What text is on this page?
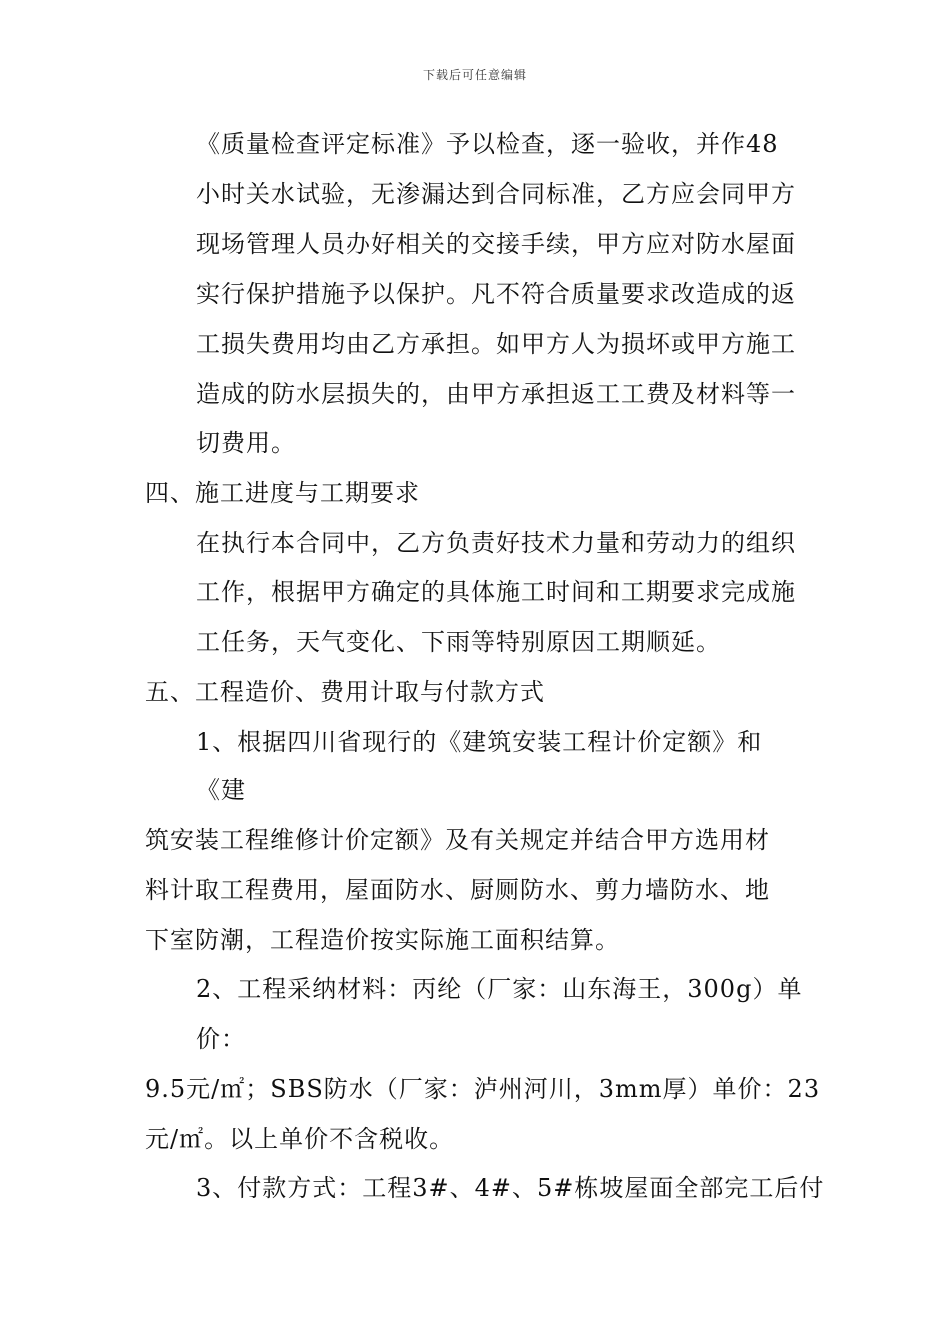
下载后可任意编辑
《质量检查评定标准》予以检查，逐一验收，并作48
小时关水试验，无渗漏达到合同标准，乙方应会同甲方
现场管理人员办好相关的交接手续，甲方应对防水屋面
实行保护措施予以保护。凡不符合质量要求改造成的返
工损失费用均由乙方承担。如甲方人为损坏或甲方施工
造成的防水层损失的，由甲方承担返工工费及材料等一
切费用。
四、施工进度与工期要求
在执行本合同中，乙方负责好技术力量和劳动力的组织
工作，根据甲方确定的具体施工时间和工期要求完成施
工任务，天气变化、下雨等特别原因工期顺延。
五、工程造价、费用计取与付款方式
1、根据四川省现行的《建筑安装工程计价定额》和
《建
筑安装工程维修计价定额》及有关规定并结合甲方选用材
料计取工程费用，屋面防水、厨厕防水、剪力墙防水、地
下室防潮，工程造价按实际施工面积结算。
2、工程采纳材料：丙纶（厂家：山东海王，300g）单
价：
9.5元/㎡；SBS防水（厂家：泸州河川，3mm厚）单价：23
元/㎡。以上单价不含税收。
3、付款方式：工程3#、4#、5#栋坡屋面全部完工后付
